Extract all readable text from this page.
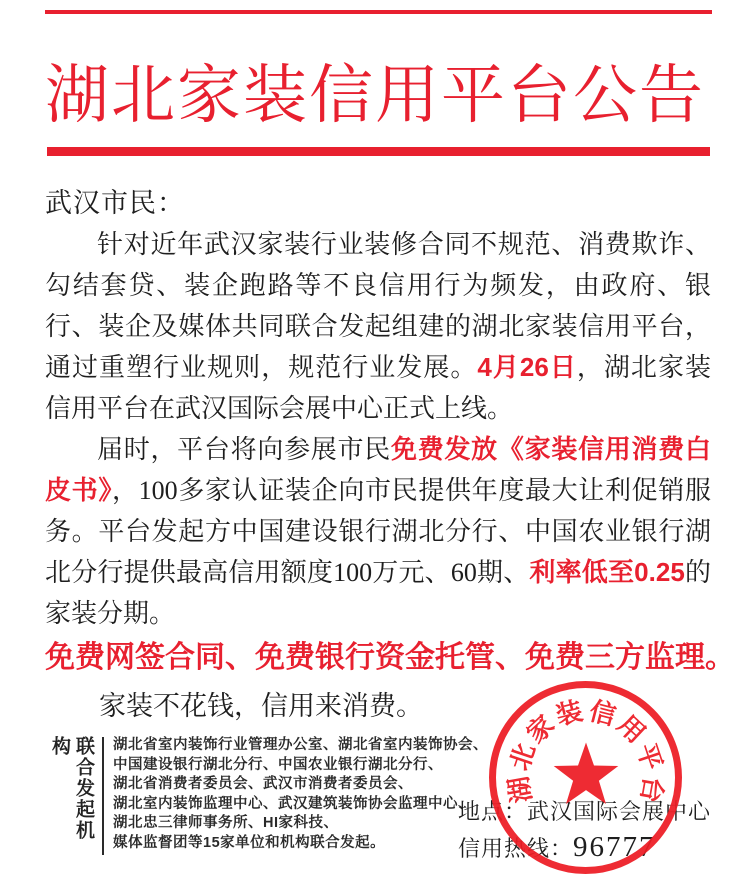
湖北家装信用平台公告
武汉市民：
针对近年武汉家装行业装修合同不规范、消费欺诈、勾结套贷、装企跑路等不良信用行为频发，由政府、银行、装企及媒体共同联合发起组建的湖北家装信用平台，通过重塑行业规则，规范行业发展。4月26日，湖北家装信用平台在武汉国际会展中心正式上线。
届时，平台将向参展市民免费发放《家装信用消费白皮书》，100多家认证装企向市民提供年度最大让利促销服务。平台发起方中国建设银行湖北分行、中国农业银行湖北分行提供最高信用额度100万元、60期、利率低至0.25的家装分期。
免费网签合同、免费银行资金托管、免费三方监理。
家装不花钱，信用来消费。
联合发起机构	湖北省室内装饰行业管理办公室、湖北省室内装饰协会、
中国建设银行湖北分行、中国农业银行湖北分行、
湖北省消费者委员会、武汉市消费者委员会、
湖北室内装饰监理中心、武汉建筑装饰协会监理中心、
湖北忠三律师事务所、HI家科技、
媒体监督团等15家单位和机构联合发起。
地点：武汉国际会展中心
信用热线：96777
湖
北
家
装 信
用
平
台
